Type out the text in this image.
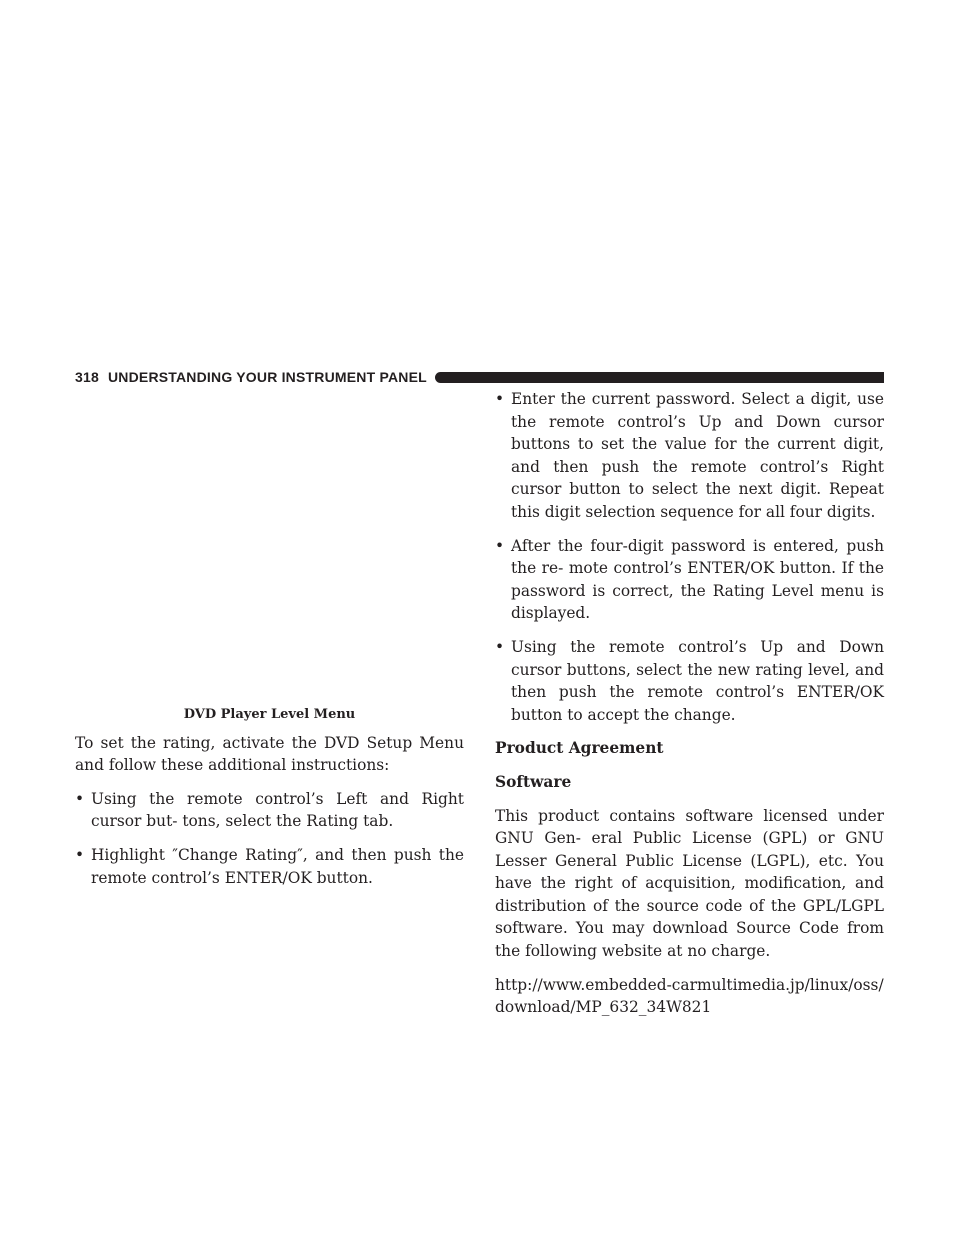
318 UNDERSTANDING YOUR INSTRUMENT PANEL
DVD Player Level Menu

To set the rating, activate the DVD Setup Menu and follow these additional instructions:

• Using the remote control’s Left and Right cursor but- tons, select the Rating tab.
• Highlight ″Change Rating″, and then push the remote control’s ENTER/OK button.
• Enter the current password. Select a digit, use the remote control’s Up and Down cursor buttons to set the value for the current digit, and then push the remote control’s Right cursor button to select the next digit. Repeat this digit selection sequence for all four digits.
• After the four-digit password is entered, push the re- mote control’s ENTER/OK button. If the password is correct, the Rating Level menu is displayed.
• Using the remote control’s Up and Down cursor buttons, select the new rating level, and then push the remote control’s ENTER/OK button to accept the change.
Product Agreement
Software

This product contains software licensed under GNU Gen- eral Public License (GPL) or GNU Lesser General Public License (LGPL), etc. You have the right of acquisition, modification, and distribution of the source code of the GPL/LGPL software. You may download Source Code from the following website at no charge.

http://www.embedded-carmultimedia.jp/linux/oss/
download/MP_632_34W821
